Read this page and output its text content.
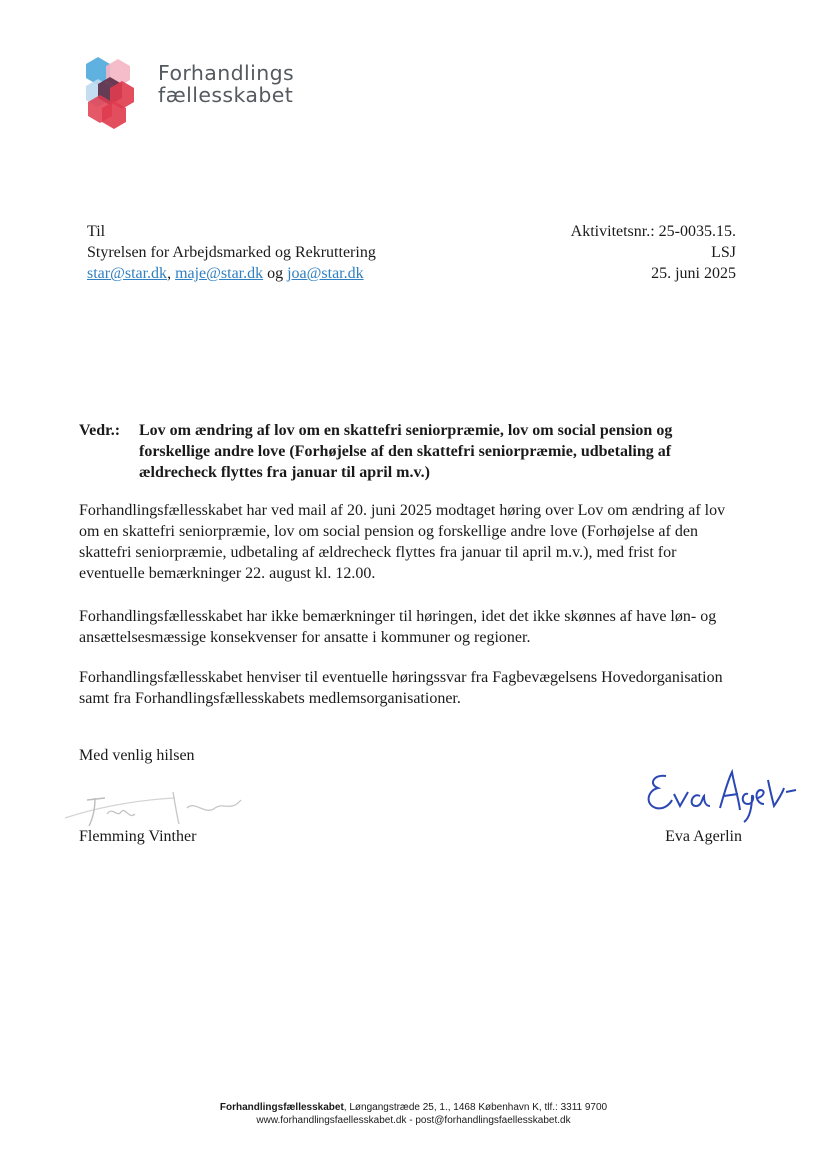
Forhandlings
fællesskabet
Til
Styrelsen for Arbejdsmarked og Rekruttering
star@star.dk, maje@star.dk og joa@star.dk
Aktivitetsnr.: 25-0035.15.
LSJ
25. juni 2025
Vedr.: Lov om ændring af lov om en skattefri seniorpræmie, lov om social pension og forskellige andre love (Forhøjelse af den skattefri seniorpræmie, udbetaling af ældrecheck flyttes fra januar til april m.v.)
Forhandlingsfællesskabet har ved mail af 20. juni 2025 modtaget høring over Lov om ændring af lov om en skattefri seniorpræmie, lov om social pension og forskellige andre love (Forhøjelse af den skattefri seniorpræmie, udbetaling af ældrecheck flyttes fra januar til april m.v.), med frist for eventuelle bemærkninger 22. august kl. 12.00.
Forhandlingsfællesskabet har ikke bemærkninger til høringen, idet det ikke skønnes af have løn- og ansættelsesmæssige konsekvenser for ansatte i kommuner og regioner.
Forhandlingsfællesskabet henviser til eventuelle høringssvar fra Fagbevægelsens Hovedorganisation samt fra Forhandlingsfællesskabets medlemsorganisationer.
Med venlig hilsen
Flemming Vinther	Eva Agerlin
Forhandlingsfællesskabet, Løngangstræde 25, 1., 1468 København K, tlf.: 3311 9700
www.forhandlingsfaellesskabet.dk - post@forhandlingsfaellesskabet.dk
